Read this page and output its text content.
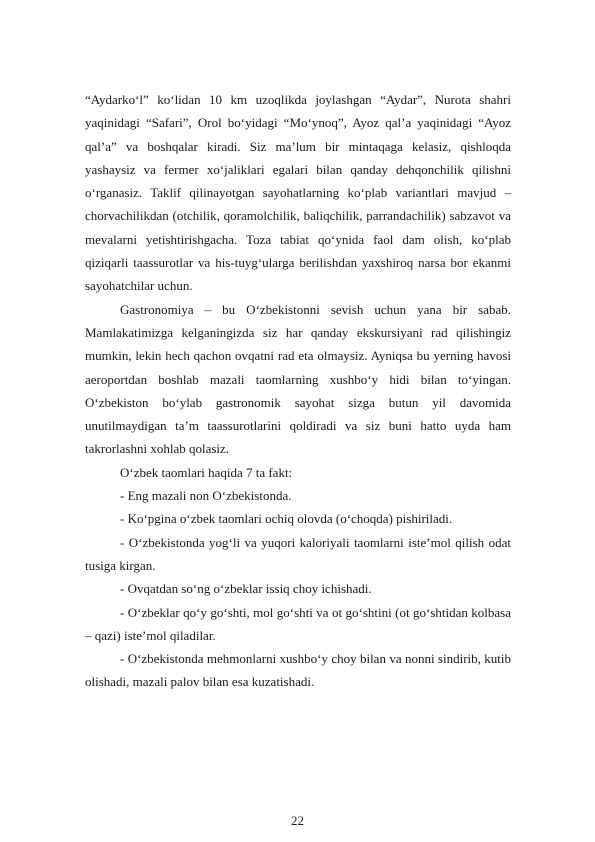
“Aydarko‘l” ko‘lidan 10 km uzoqlikda joylashgan “Aydar”, Nurota shahri yaqinidagi “Safari”, Orol bo‘yidagi “Mo‘ynoq”, Ayoz qal’a yaqinidagi “Ayoz qal’a” va boshqalar kiradi. Siz ma’lum bir mintaqaga kelasiz, qishloqda yashaysiz va fermer xo‘jaliklari egalari bilan qanday dehqonchilik qilishni o‘rganasiz. Taklif qilinayotgan sayohatlarning ko‘plab variantlari mavjud – chorvachilikdan (otchilik, qoramolchilik, baliqchilik, parrandachilik) sabzavot va mevalarni yetishtirishgacha. Toza tabiat qo‘ynida faol dam olish, ko‘plab qiziqarli taassurotlar va his-tuyg‘ularga berilishdan yaxshiroq narsa bor ekanmi sayohatchilar uchun.

Gastronomiya – bu O‘zbekistonni sevish uchun yana bir sabab. Mamlakatimizga kelganingizda siz har qanday ekskursiyani rad qilishingiz mumkin, lekin hech qachon ovqatni rad eta olmaysiz. Ayniqsa bu yerning havosi aeroportdan boshlab mazali taomlarning xushbo‘y hidi bilan to‘yingan. O‘zbekiston bo‘ylab gastronomik sayohat sizga butun yil davomida unutilmaydigan ta’m taassurotlarini qoldiradi va siz buni hatto uyda ham takrorlashni xohlab qolasiz.

O‘zbek taomlari haqida 7 ta fakt:

- Eng mazali non O‘zbekistonda.

- Ko‘pgina o‘zbek taomlari ochiq olovda (o‘choqda) pishiriladi.

- O‘zbekistonda yog‘li va yuqori kaloriyali taomlarni iste’mol qilish odat tusiga kirgan.

- Ovqatdan so‘ng o‘zbeklar issiq choy ichishadi.

- O‘zbeklar qo‘y go‘shti, mol go‘shti va ot go‘shtini (ot go‘shtidan kolbasa – qazi) iste’mol qiladilar.

- O‘zbekistonda mehmonlarni xushbo‘y choy bilan va nonni sindirib, kutib olishadi, mazali palov bilan esa kuzatishadi.

22
